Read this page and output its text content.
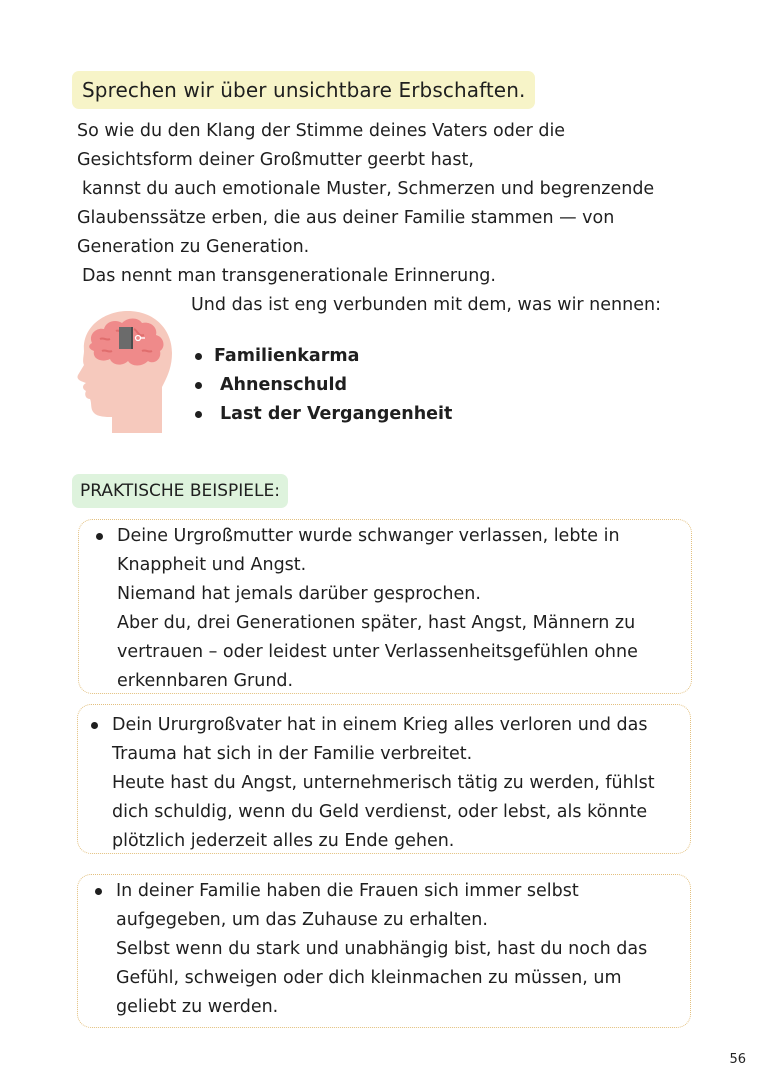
Sprechen wir über unsichtbare Erbschaften.

So wie du den Klang der Stimme deines Vaters oder die

Gesichtsform deiner Großmutter geerbt hast,

kannst du auch emotionale Muster, Schmerzen und begrenzende

Glaubenssätze erben, die aus deiner Familie stammen — von

Generation zu Generation.

Das nennt man transgenerationale Erinnerung.

Und das ist eng verbunden mit dem, was wir nennen:

Familienkarma
Ahnenschuld
Last der Vergangenheit
PRAKTISCHE BEISPIELE:
Deine Urgroßmutter wurde schwanger verlassen, lebte in
Knappheit und Angst.
Niemand hat jemals darüber gesprochen.
Aber du, drei Generationen später, hast Angst, Männern zu
vertrauen – oder leidest unter Verlassenheitsgefühlen ohne
erkennbaren Grund.
Dein Ururgroßvater hat in einem Krieg alles verloren und das
Trauma hat sich in der Familie verbreitet.
Heute hast du Angst, unternehmerisch tätig zu werden, fühlst
dich schuldig, wenn du Geld verdienst, oder lebst, als könnte
plötzlich jederzeit alles zu Ende gehen.
In deiner Familie haben die Frauen sich immer selbst
aufgegeben, um das Zuhause zu erhalten.
Selbst wenn du stark und unabhängig bist, hast du noch das
Gefühl, schweigen oder dich kleinmachen zu müssen, um
geliebt zu werden.
56
